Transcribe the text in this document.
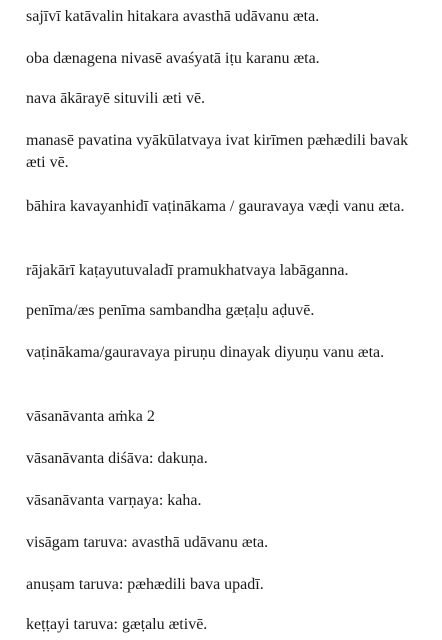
sajīvī katāvalin hitakara avasthā udāvanu æta.
oba dænagena nivasē avaśyatā iṭu karanu æta.
nava ākārayē situvili æti vē.
manasē pavatina vyākūlatvaya ivat kirīmen pæhædili bavak æti vē.
bāhira kavayanhidī vaṭinākama / gauravaya væḍi vanu æta.
rājakārī kaṭayutuvaladī pramukhatvaya labāganna.
penīma/æs penīma sambandha gæṭaḷu aḍuvē.
vaṭinākama/gauravaya piruṇu dinayak diyuṇu vanu æta.
vāsanāvanta aṁka 2
vāsanāvanta diśāva: dakuṇa.
vāsanāvanta varṇaya: kaha.
visāgam taruva: avasthā udāvanu æta.
anuṣam taruva: pæhædili bava upadī.
keṭṭayi taruva: gæṭalu ætivē.
